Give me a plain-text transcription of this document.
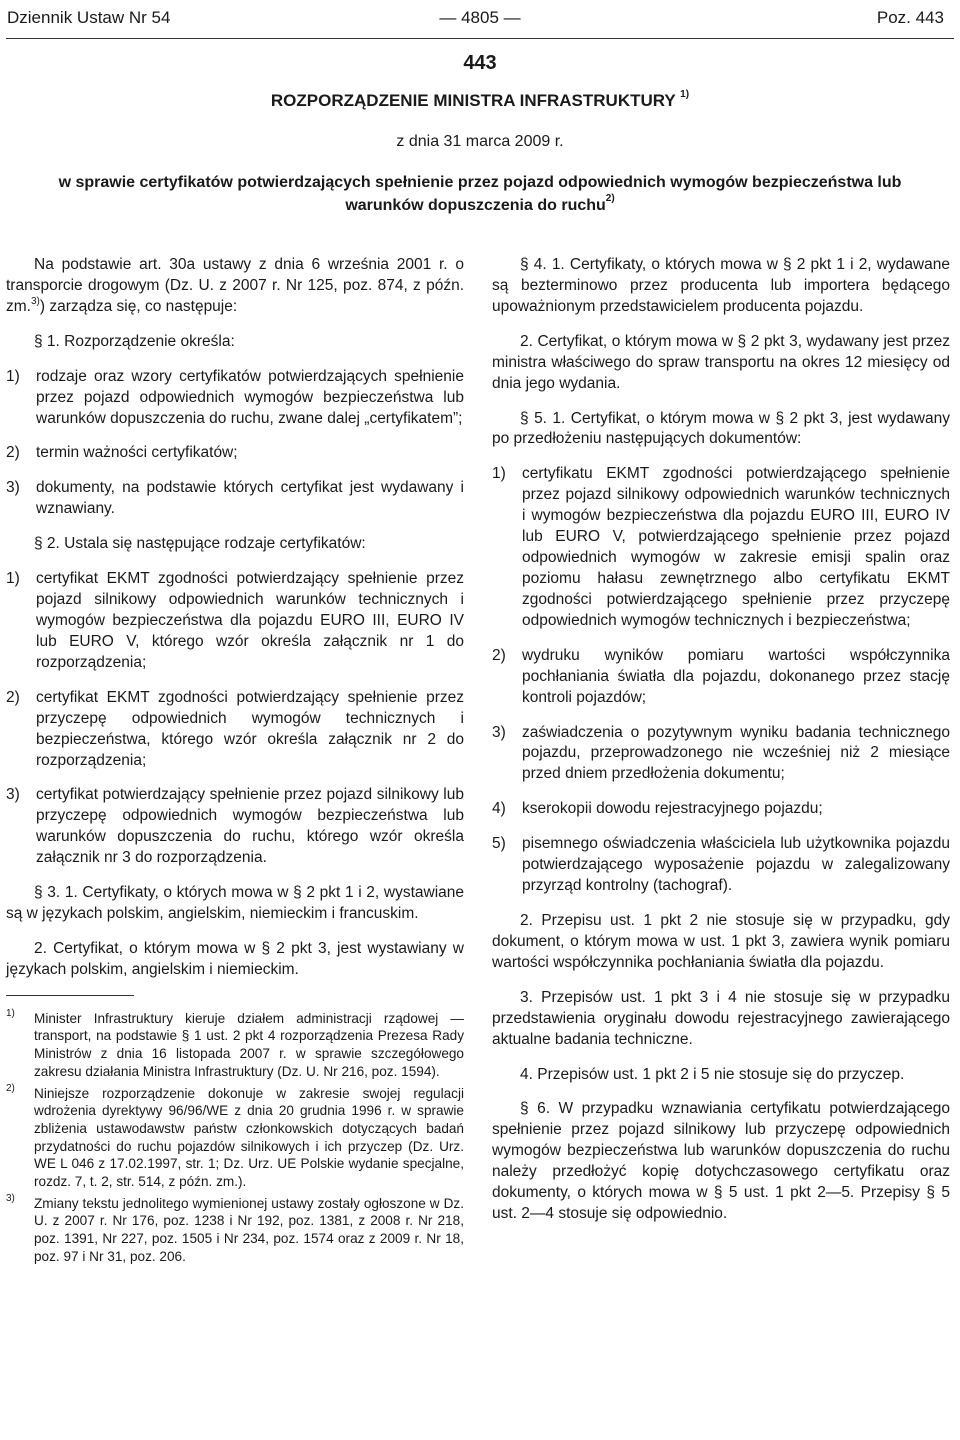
Dziennik Ustaw Nr 54	— 4805 —	Poz. 443
443
ROZPORZĄDZENIE MINISTRA INFRASTRUKTURY $^{1)}$
z dnia 31 marca 2009 r.
w sprawie certyfikatów potwierdzających spełnienie przez pojazd odpowiednich wymogów bezpieczeństwa lub warunków dopuszczenia do ruchu$^{2)}$

Na podstawie art. 30a ustawy z dnia 6 września 2001 r. o transporcie drogowym (Dz. U. z 2007 r. Nr 125, poz. 874, z późn. zm.$^{3)}$) zarządza się, co następuje:

§ 1. Rozporządzenie określa:

1) rodzaje oraz wzory certyfikatów potwierdzających spełnienie przez pojazd odpowiednich wymogów bezpieczeństwa lub warunków dopuszczenia do ruchu, zwane dalej „certyfikatem”;
2) termin ważności certyfikatów;
3) dokumenty, na podstawie których certyfikat jest wydawany i wznawiany.

§ 2. Ustala się następujące rodzaje certyfikatów:

1) certyfikat EKMT zgodności potwierdzający spełnienie przez pojazd silnikowy odpowiednich warunków technicznych i wymogów bezpieczeństwa dla pojazdu EURO III, EURO IV lub EURO V, którego wzór określa załącznik nr 1 do rozporządzenia;
2) certyfikat EKMT zgodności potwierdzający spełnienie przez przyczepę odpowiednich wymogów technicznych i bezpieczeństwa, którego wzór określa załącznik nr 2 do rozporządzenia;
3) certyfikat potwierdzający spełnienie przez pojazd silnikowy lub przyczepę odpowiednich wymogów bezpieczeństwa lub warunków dopuszczenia do ruchu, którego wzór określa załącznik nr 3 do rozporządzenia.

§ 3. 1. Certyfikaty, o których mowa w § 2 pkt 1 i 2, wystawiane są w językach polskim, angielskim, niemieckim i francuskim.

2. Certyfikat, o którym mowa w § 2 pkt 3, jest wystawiany w językach polskim, angielskim i niemieckim.

1) Minister Infrastruktury kieruje działem administracji rządowej — transport, na podstawie § 1 ust. 2 pkt 4 rozporządzenia Prezesa Rady Ministrów z dnia 16 listopada 2007 r. w sprawie szczegółowego zakresu działania Ministra Infrastruktury (Dz. U. Nr 216, poz. 1594).
2) Niniejsze rozporządzenie dokonuje w zakresie swojej regulacji wdrożenia dyrektywy 96/96/WE z dnia 20 grudnia 1996 r. w sprawie zbliżenia ustawodawstw państw członkowskich dotyczących badań przydatności do ruchu pojazdów silnikowych i ich przyczep (Dz. Urz. WE L 046 z 17.02.1997, str. 1; Dz. Urz. UE Polskie wydanie specjalne, rozdz. 7, t. 2, str. 514, z późn. zm.).
3) Zmiany tekstu jednolitego wymienionej ustawy zostały ogłoszone w Dz. U. z 2007 r. Nr 176, poz. 1238 i Nr 192, poz. 1381, z 2008 r. Nr 218, poz. 1391, Nr 227, poz. 1505 i Nr 234, poz. 1574 oraz z 2009 r. Nr 18, poz. 97 i Nr 31, poz. 206.

§ 4. 1. Certyfikaty, o których mowa w § 2 pkt 1 i 2, wydawane są bezterminowo przez producenta lub importera będącego upoważnionym przedstawicielem producenta pojazdu.

2. Certyfikat, o którym mowa w § 2 pkt 3, wydawany jest przez ministra właściwego do spraw transportu na okres 12 miesięcy od dnia jego wydania.

§ 5. 1. Certyfikat, o którym mowa w § 2 pkt 3, jest wydawany po przedłożeniu następujących dokumentów:

1) certyfikatu EKMT zgodności potwierdzającego spełnienie przez pojazd silnikowy odpowiednich warunków technicznych i wymogów bezpieczeństwa dla pojazdu EURO III, EURO IV lub EURO V, potwierdzającego spełnienie przez pojazd odpowiednich wymogów w zakresie emisji spalin oraz poziomu hałasu zewnętrznego albo certyfikatu EKMT zgodności potwierdzającego spełnienie przez przyczepę odpowiednich wymogów technicznych i bezpieczeństwa;
2) wydruku wyników pomiaru wartości współczynnika pochłaniania światła dla pojazdu, dokonanego przez stację kontroli pojazdów;
3) zaświadczenia o pozytywnym wyniku badania technicznego pojazdu, przeprowadzonego nie wcześniej niż 2 miesiące przed dniem przedłożenia dokumentu;
4) kserokopii dowodu rejestracyjnego pojazdu;
5) pisemnego oświadczenia właściciela lub użytkownika pojazdu potwierdzającego wyposażenie pojazdu w zalegalizowany przyrząd kontrolny (tachograf).

2. Przepisu ust. 1 pkt 2 nie stosuje się w przypadku, gdy dokument, o którym mowa w ust. 1 pkt 3, zawiera wynik pomiaru wartości współczynnika pochłaniania światła dla pojazdu.

3. Przepisów ust. 1 pkt 3 i 4 nie stosuje się w przypadku przedstawienia oryginału dowodu rejestracyjnego zawierającego aktualne badania techniczne.

4. Przepisów ust. 1 pkt 2 i 5 nie stosuje się do przyczep.

§ 6. W przypadku wznawiania certyfikatu potwierdzającego spełnienie przez pojazd silnikowy lub przyczepę odpowiednich wymogów bezpieczeństwa lub warunków dopuszczenia do ruchu należy przedłożyć kopię dotychczasowego certyfikatu oraz dokumenty, o których mowa w § 5 ust. 1 pkt 2—5. Przepisy § 5 ust. 2—4 stosuje się odpowiednio.
